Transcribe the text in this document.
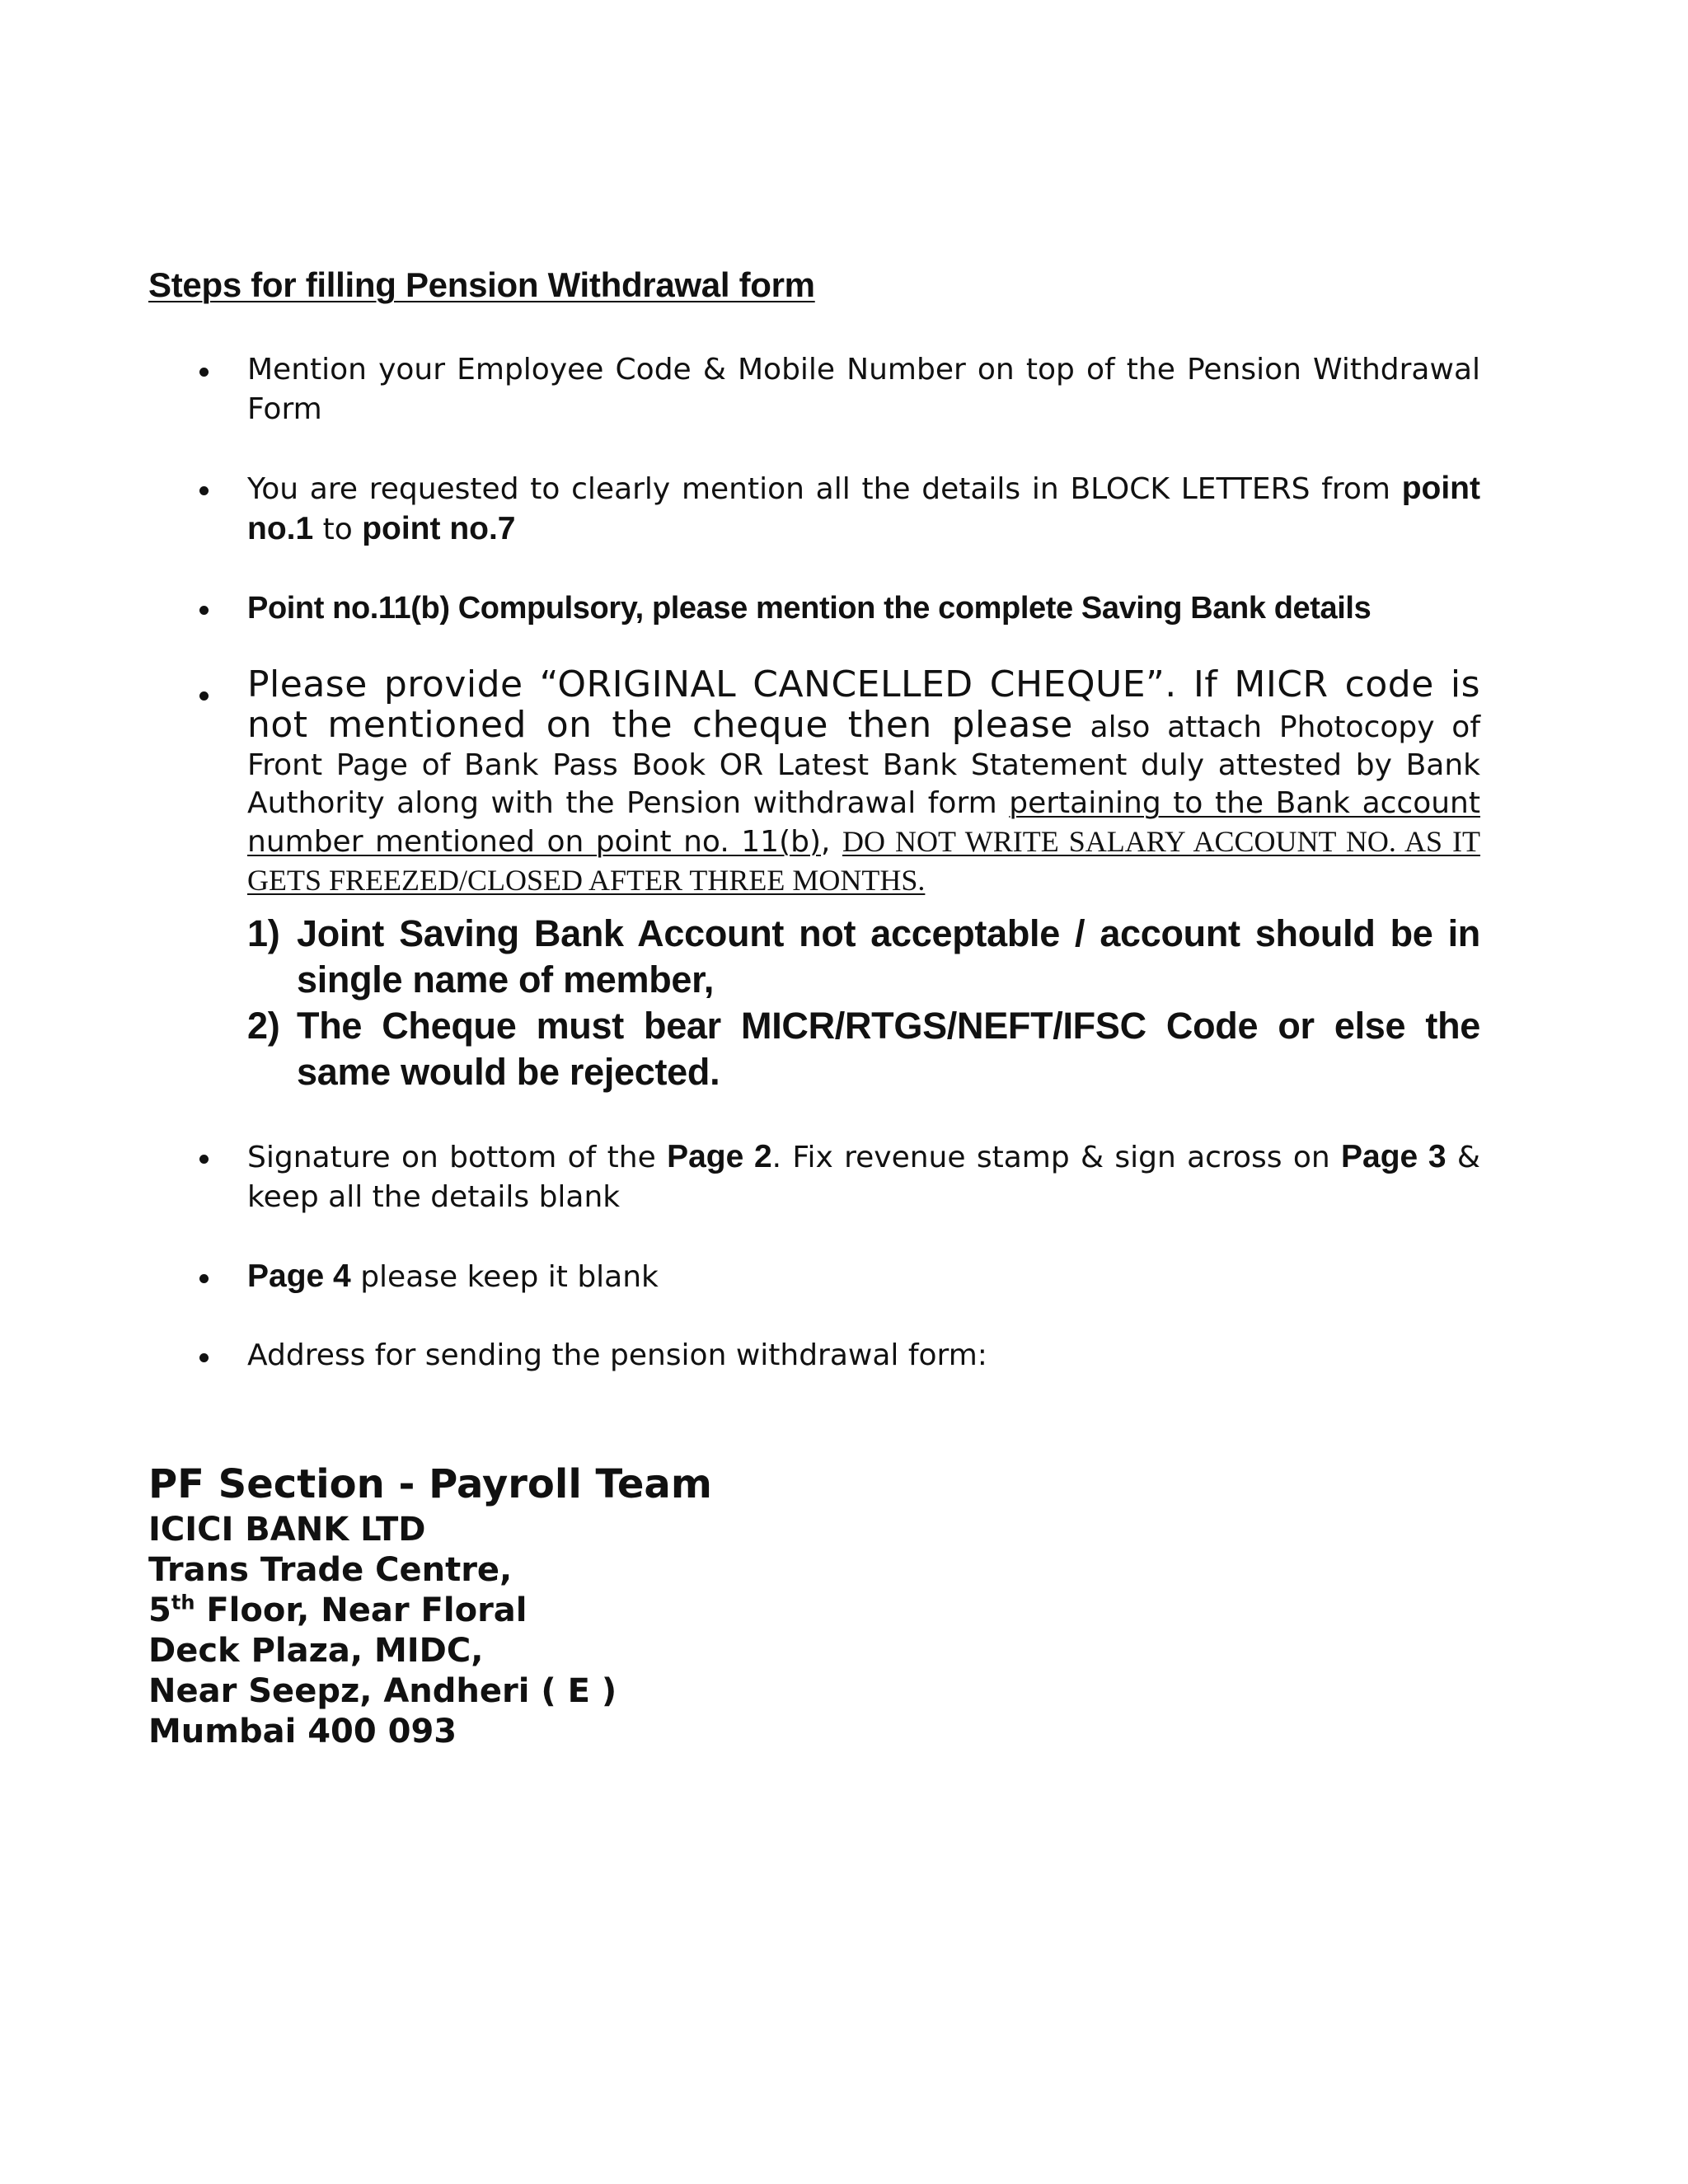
Steps for filling Pension Withdrawal form
Mention your Employee Code & Mobile Number on top of the Pension Withdrawal Form
You are requested to clearly mention all the details in BLOCK LETTERS from point no.1 to point no.7
Point no.11(b) Compulsory, please mention the complete Saving Bank details
Please provide “ORIGINAL CANCELLED CHEQUE”. If MICR code is not mentioned on the cheque then please also attach Photocopy of Front Page of Bank Pass Book OR Latest Bank Statement duly attested by Bank Authority along with the Pension withdrawal form pertaining to the Bank account number mentioned on point no. 11(b), DO NOT WRITE SALARY ACCOUNT NO. AS IT GETS FREEZED/CLOSED AFTER THREE MONTHS.
1) Joint Saving Bank Account not acceptable / account should be in single name of member,
2) The Cheque must bear MICR/RTGS/NEFT/IFSC Code or else the same would be rejected.
Signature on bottom of the Page 2. Fix revenue stamp & sign across on Page 3 & keep all the details blank
Page 4 please keep it blank
Address for sending the pension withdrawal form:
PF Section - Payroll Team
ICICI BANK LTD
Trans Trade Centre,
5th Floor, Near Floral
Deck Plaza, MIDC,
Near Seepz, Andheri ( E )
Mumbai 400 093
